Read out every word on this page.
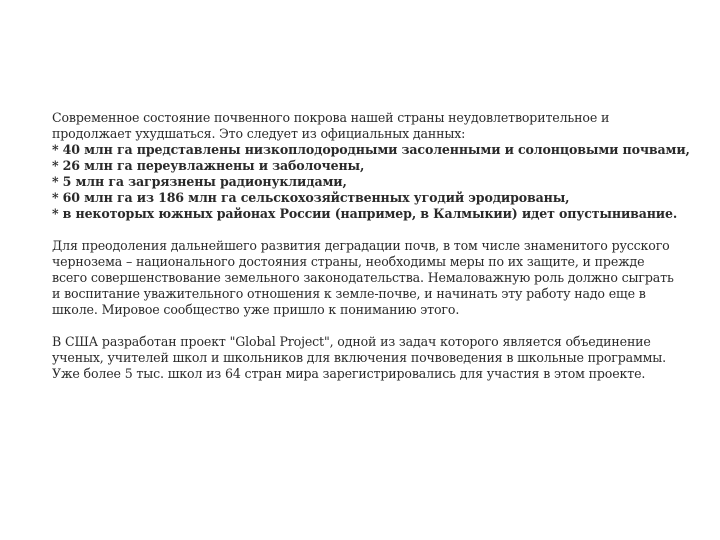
Современное состояние почвенного покрова нашей страны неудовлетворительное и
продолжает ухудшаться. Это следует из официальных данных:
* 40 млн га представлены низкоплодородными засоленными и солонцовыми почвами,
* 26 млн га переувлажнены и заболочены,
* 5 млн га загрязнены радионуклидами,
* 60 млн га из 186 млн га сельскохозяйственных угодий эродированы,
* в некоторых южных районах России (например, в Калмыкии) идет опустынивание.
Для преодоления дальнейшего развития деградации почв, в том числе знаменитого русского
чернозема – национального достояния страны, необходимы меры по их защите, и прежде
всего совершенствование земельного законодательства. Немаловажную роль должно сыграть
и воспитание уважительного отношения к земле-почве, и начинать эту работу надо еще в
школе. Мировое сообщество уже пришло к пониманию этого.
В США разработан проект "Global Project", одной из задач которого является объединение
ученых, учителей школ и школьников для включения почвоведения в школьные программы.
Уже более 5 тыс. школ из 64 стран мира зарегистрировались для участия в этом проекте.
